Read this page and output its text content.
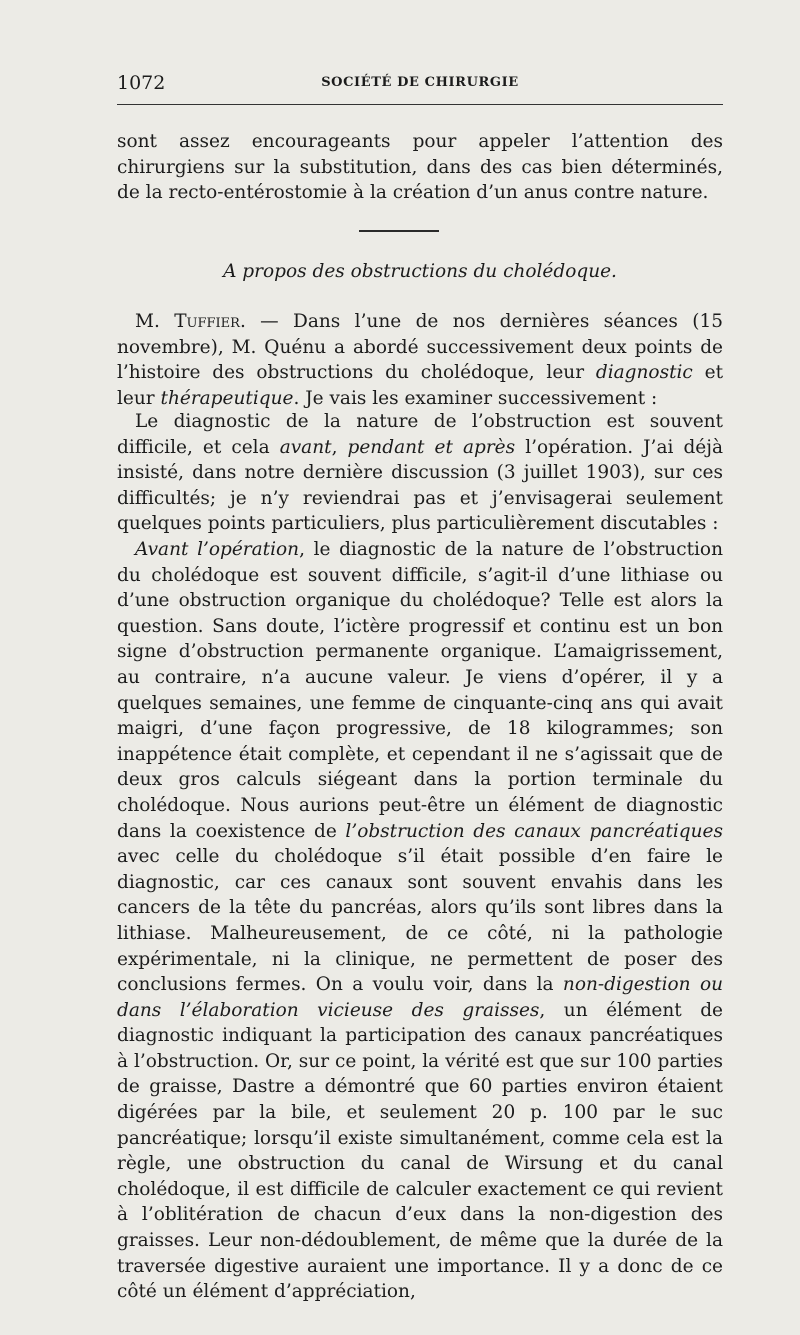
1072	SOCIÉTÉ DE CHIRURGIE

sont assez encourageants pour appeler l’attention des chirurgiens sur la substitution, dans des cas bien déterminés, de la recto-entérostomie à la création d’un anus contre nature.

A propos des obstructions du cholédoque.

M. Tuffier. — Dans l’une de nos dernières séances (15 novembre), M. Quénu a abordé successivement deux points de l’histoire des obstructions du cholédoque, leur diagnostic et leur thérapeutique. Je vais les examiner successivement :

Le diagnostic de la nature de l’obstruction est souvent difficile, et cela avant, pendant et après l’opération. J’ai déjà insisté, dans notre dernière discussion (3 juillet 1903), sur ces difficultés; je n’y reviendrai pas et j’envisagerai seulement quelques points particuliers, plus particulièrement discutables :

Avant l’opération, le diagnostic de la nature de l’obstruction du cholédoque est souvent difficile, s’agit-il d’une lithiase ou d’une obstruction organique du cholédoque? Telle est alors la question. Sans doute, l’ictère progressif et continu est un bon signe d’obstruction permanente organique. L’amaigrissement, au contraire, n’a aucune valeur. Je viens d’opérer, il y a quelques semaines, une femme de cinquante-cinq ans qui avait maigri, d’une façon progressive, de 18 kilogrammes; son inappétence était complète, et cependant il ne s’agissait que de deux gros calculs siégeant dans la portion terminale du cholédoque. Nous aurions peut-être un élément de diagnostic dans la coexistence de l’obstruction des canaux pancréatiques avec celle du cholédoque s’il était possible d’en faire le diagnostic, car ces canaux sont souvent envahis dans les cancers de la tête du pancréas, alors qu’ils sont libres dans la lithiase. Malheureusement, de ce côté, ni la pathologie expérimentale, ni la clinique, ne permettent de poser des conclusions fermes. On a voulu voir, dans la non-digestion ou dans l’élaboration vicieuse des graisses, un élément de diagnostic indiquant la participation des canaux pancréatiques à l’obstruction. Or, sur ce point, la vérité est que sur 100 parties de graisse, Dastre a démontré que 60 parties environ étaient digérées par la bile, et seulement 20 p. 100 par le suc pancréatique; lorsqu’il existe simultanément, comme cela est la règle, une obstruction du canal de Wirsung et du canal cholédoque, il est difficile de calculer exactement ce qui revient à l’oblitération de chacun d’eux dans la non-digestion des graisses. Leur non-dédoublement, de même que la durée de la traversée digestive auraient une importance. Il y a donc de ce côté un élément d’appréciation,
